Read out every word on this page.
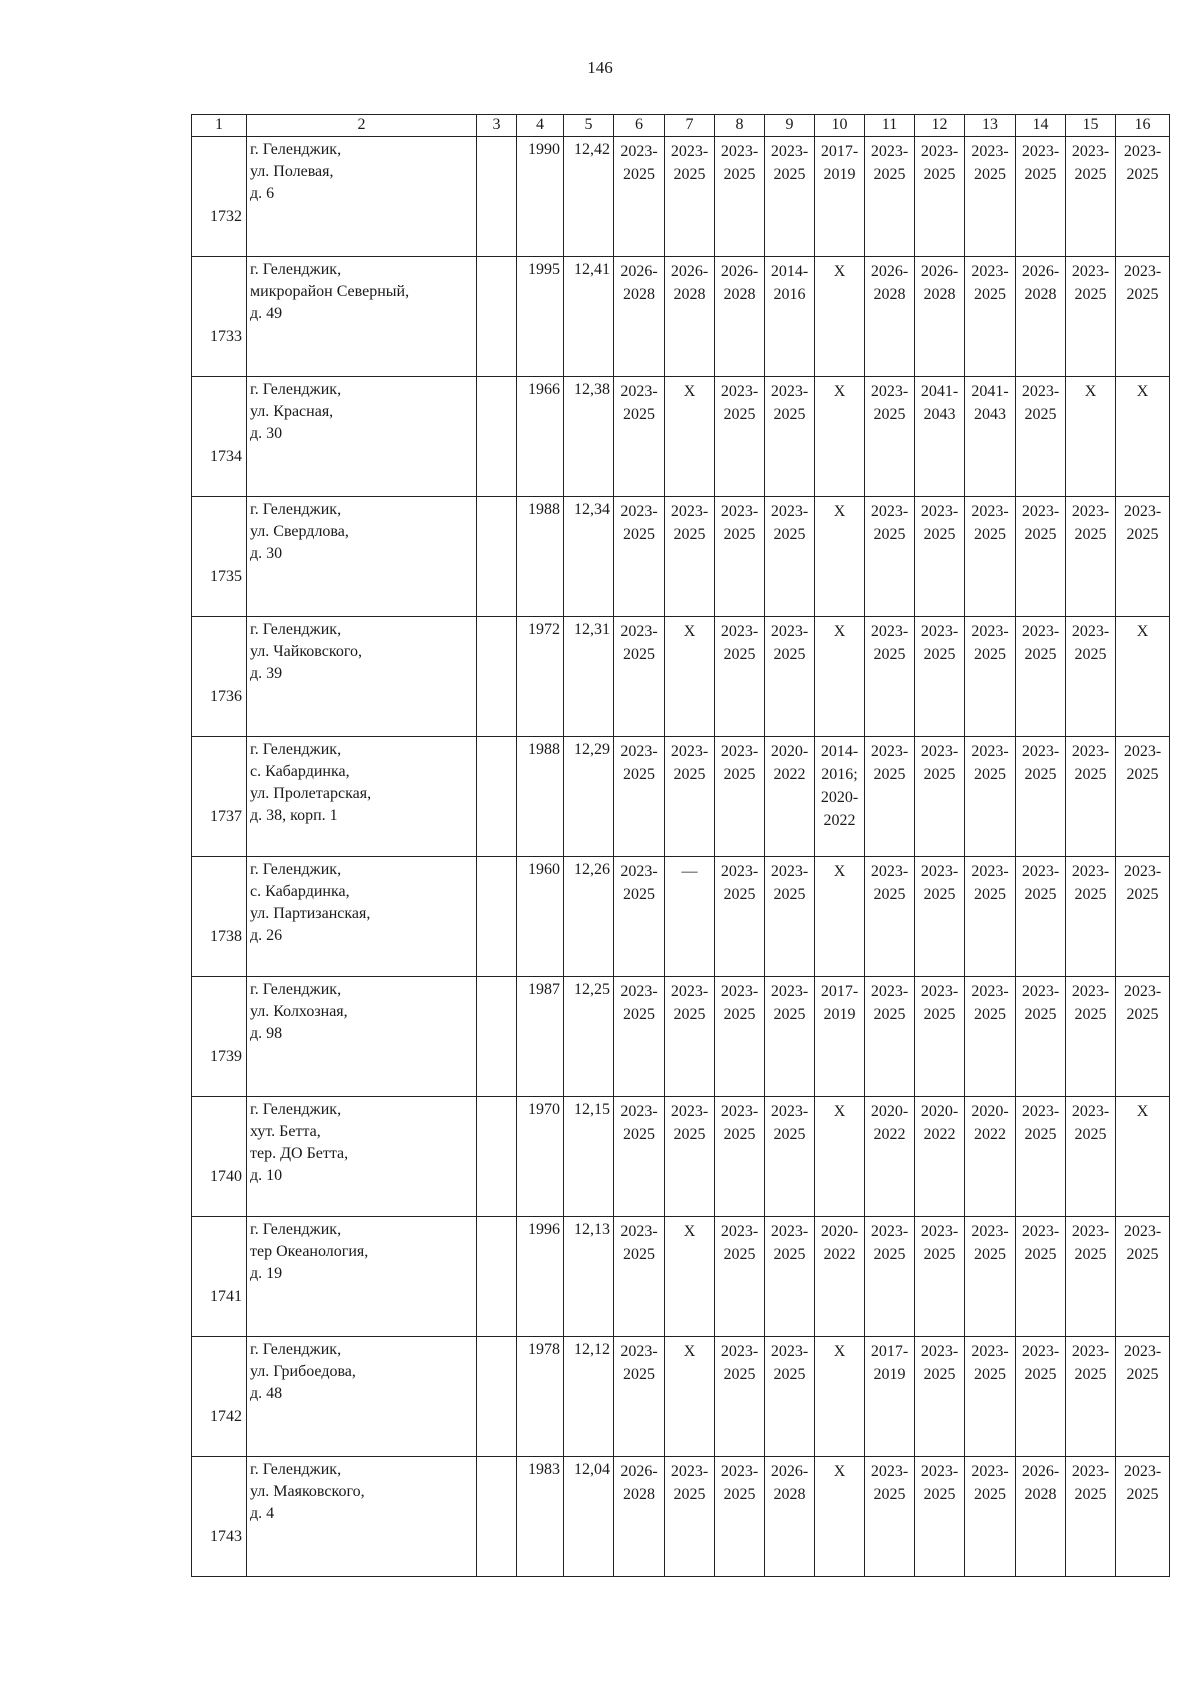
146
1	2	3	4	5	6	7	8	9	10	11	12	13	14	15	16
1732	г. Геленджик,
ул. Полевая,
д. 6		1990	12,42	2023-
2025	2023-
2025	2023-
2025	2023-
2025	2017-
2019	2023-
2025	2023-
2025	2023-
2025	2023-
2025	2023-
2025	2023-
2025

1733	г. Геленджик,
микрорайон Северный,
д. 49		1995	12,41	2026-
2028	2026-
2028	2026-
2028	2014-
2016	X	2026-
2028	2026-
2028	2023-
2025	2026-
2028	2023-
2025	2023-
2025

1734	г. Геленджик,
ул. Красная,
д. 30		1966	12,38	2023-
2025	X	2023-
2025	2023-
2025	X	2023-
2025	2041-
2043	2041-
2043	2023-
2025	X	X

1735	г. Геленджик,
ул. Свердлова,
д. 30		1988	12,34	2023-
2025	2023-
2025	2023-
2025	2023-
2025	X	2023-
2025	2023-
2025	2023-
2025	2023-
2025	2023-
2025	2023-
2025

1736	г. Геленджик,
ул. Чайковского,
д. 39		1972	12,31	2023-
2025	X	2023-
2025	2023-
2025	X	2023-
2025	2023-
2025	2023-
2025	2023-
2025	2023-
2025	X

1737	г. Геленджик,
с. Кабардинка,
ул. Пролетарская,
д. 38, корп. 1		1988	12,29	2023-
2025	2023-
2025	2023-
2025	2020-
2022	2014-
2016;
2020-
2022	2023-
2025	2023-
2025	2023-
2025	2023-
2025	2023-
2025	2023-
2025

1738	г. Геленджик,
с. Кабардинка,
ул. Партизанская,
д. 26		1960	12,26	2023-
2025	—	2023-
2025	2023-
2025	X	2023-
2025	2023-
2025	2023-
2025	2023-
2025	2023-
2025	2023-
2025

1739	г. Геленджик,
ул. Колхозная,
д. 98		1987	12,25	2023-
2025	2023-
2025	2023-
2025	2023-
2025	2017-
2019	2023-
2025	2023-
2025	2023-
2025	2023-
2025	2023-
2025	2023-
2025

1740	г. Геленджик,
хут. Бетта,
тер. ДО Бетта,
д. 10		1970	12,15	2023-
2025	2023-
2025	2023-
2025	2023-
2025	X	2020-
2022	2020-
2022	2020-
2022	2023-
2025	2023-
2025	X

1741	г. Геленджик,
тер Океанология,
д. 19		1996	12,13	2023-
2025	X	2023-
2025	2023-
2025	2020-
2022	2023-
2025	2023-
2025	2023-
2025	2023-
2025	2023-
2025	2023-
2025

1742	г. Геленджик,
ул. Грибоедова,
д. 48		1978	12,12	2023-
2025	X	2023-
2025	2023-
2025	X	2017-
2019	2023-
2025	2023-
2025	2023-
2025	2023-
2025	2023-
2025

1743	г. Геленджик,
ул. Маяковского,
д. 4		1983	12,04	2026-
2028	2023-
2025	2023-
2025	2026-
2028	X	2023-
2025	2023-
2025	2023-
2025	2026-
2028	2023-
2025	2023-
2025
